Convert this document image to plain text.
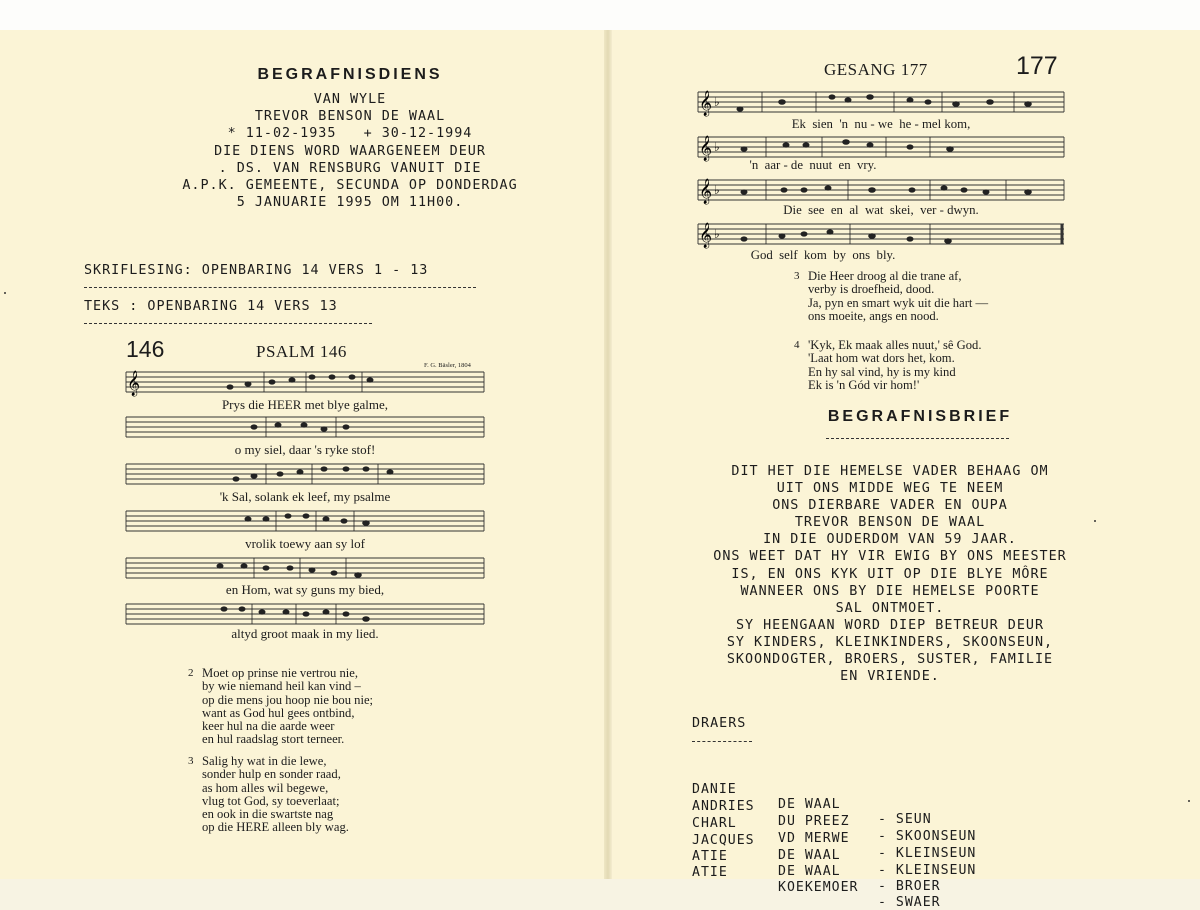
BEGRAFNISDIENS
VAN WYLE
TREVOR BENSON DE WAAL
* 11-02-1935   + 30-12-1994
DIE DIENS WORD WAARGENEEM DEUR
. DS. VAN RENSBURG VANUIT DIE
A.P.K. GEMEENTE, SECUNDA OP DONDERDAG
5 JANUARIE 1995 OM 11H00.
SKRIFLESING: OPENBARING 14 VERS 1 - 13
TEKS : OPENBARING 14 VERS 13
146	PSALM 146
F. G. Bäsler, 1804
𝄞
Prys die HEER met blye galme,
o my siel, daar 's ryke stof!
'k Sal, solank ek leef, my psalme
vrolik toewy aan sy lof
en Hom, wat sy guns my bied,
altyd groot maak in my lied.
2 Moet op prinse nie vertrou nie,
by wie niemand heil kan vind –
op die mens jou hoop nie bou nie;
want as God hul gees ontbind,
keer hul na die aarde weer
en hul raadslag stort terneer.
3 Salig hy wat in die lewe,
sonder hulp en sonder raad,
as hom alles wil begewe,
vlug tot God, sy toeverlaat;
en ook in die swartste nag
op die HERE alleen bly wag.
GESANG 177	177
𝄞 ♭
Ek  sien  'n  nu - we  he - mel kom,
𝄞 ♭
'n  aar - de  nuut  en  vry.
𝄞 ♭
Die  see  en  al  wat  skei,  ver - dwyn.
𝄞 ♭
God  self  kom  by  ons  bly.
3 Die Heer droog al die trane af,
verby is droefheid, dood.
Ja, pyn en smart wyk uit die hart —
ons moeite, angs en nood.
4 'Kyk, Ek maak alles nuut,' sê God.
'Laat hom wat dors het, kom.
En hy sal vind, hy is my kind
Ek is 'n Gód vir hom!'
BEGRAFNISBRIEF
DIT HET DIE HEMELSE VADER BEHAAG OM
UIT ONS MIDDE WEG TE NEEM
ONS DIERBARE VADER EN OUPA
TREVOR BENSON DE WAAL
IN DIE OUDERDOM VAN 59 JAAR.
ONS WEET DAT HY VIR EWIG BY ONS MEESTER
IS, EN ONS KYK UIT OP DIE BLYE MÔRE
WANNEER ONS BY DIE HEMELSE POORTE
SAL ONTMOET.
SY HEENGAAN WORD DIEP BETREUR DEUR
SY KINDERS, KLEINKINDERS, SKOONSEUN,
SKOONDOGTER, BROERS, SUSTER, FAMILIE
EN VRIENDE.
DRAERS

DANIE

DE WAAL

- SEUN

ANDRIES

DU PREEZ

- SKOONSEUN

CHARL

VD MERWE

- KLEINSEUN

JACQUES

DE WAAL

- KLEINSEUN

ATIE

DE WAAL

- BROER

ATIE

KOEKEMOER

- SWAER
